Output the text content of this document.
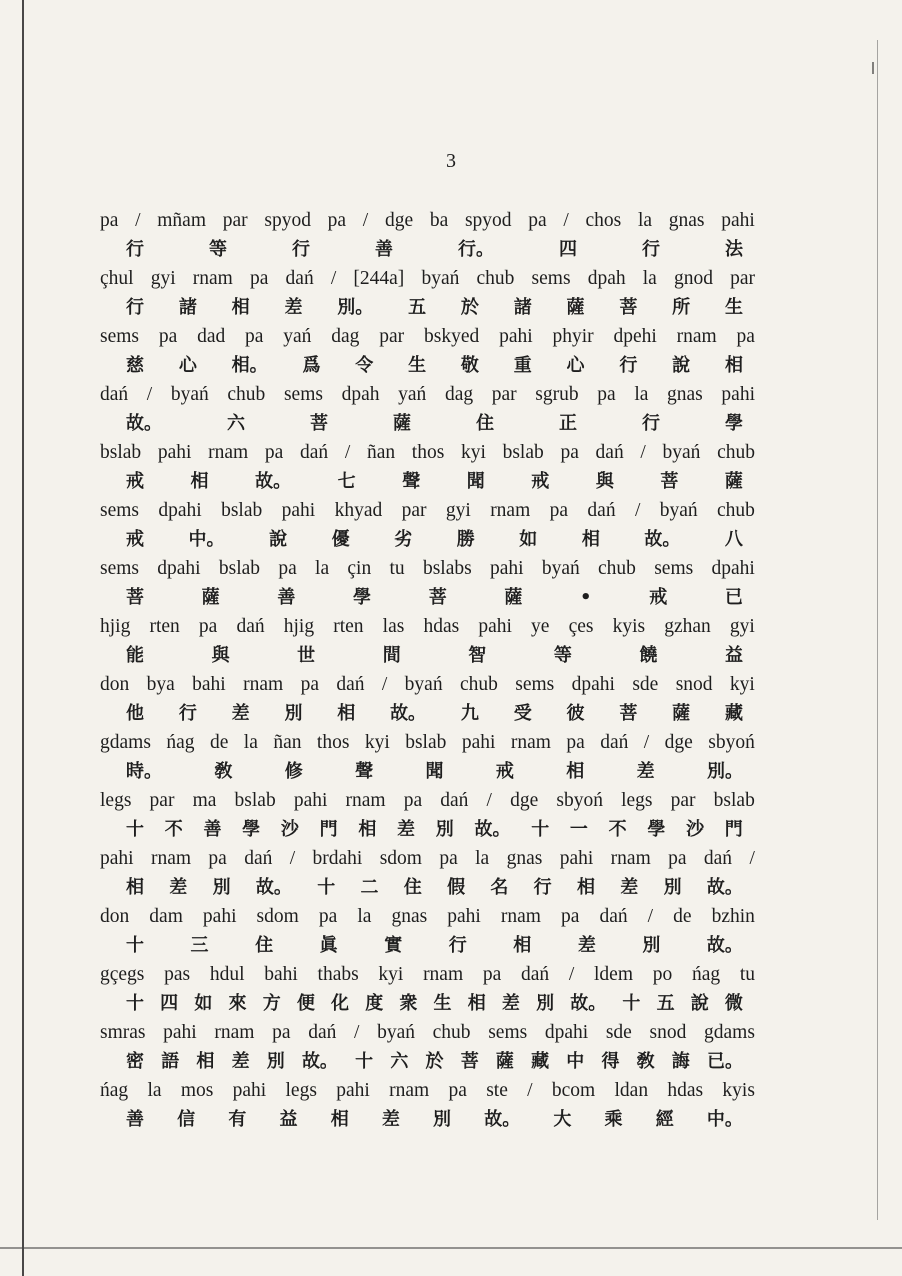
3
pa / mñam par spyod pa / dge ba spyod pa / chos la gnas pahi
行	等	行	善	行。	四	行	法
çhul gyi rnam pa dań / [244a] byań chub sems dpah la gnod par
行 諸 相 差 別。 五 於 諸 薩 菩 所 生
sems pa dad pa yań dag par bskyed pahi phyir dpehi rnam pa
慈 心 相。 爲 令 生 敬 重 心 行 說 相
dań / byań chub sems dpah yań dag par sgrub pa la gnas pahi
故。	六	菩	薩	住	正	行	學
bslab pahi rnam pa dań / ñan thos kyi bslab pa dań / byań chub
戒	相	故。	七	聲	聞	戒	與	菩	薩
sems dpahi bslab pahi khyad par gyi rnam pa dań / byań chub
戒 中。 說 優 劣 勝 如 相 故。 八
sems dpahi bslab pa la çin tu bslabs pahi byań chub sems dpahi
菩	薩	善	學	菩	薩	•	戒	已
hjig rten pa dań hjig rten las hdas pahi ye çes kyis gzhan gyi
能	與	世	間	智	等	饒	益
don bya bahi rnam pa dań / byań chub sems dpahi sde snod kyi
他 行 差 別 相 故。 九 受 彼 菩 薩 藏
gdams ńag de la ñan thos kyi bslab pahi rnam pa dań / dge sbyoń
時。	敎	修	聲	聞	戒	相	差	別。
legs par ma bslab pahi rnam pa dań / dge sbyoń legs par bslab
十 不 善 學 沙 門 相 差 別 故。 十 一 不 學 沙 門
pahi rnam pa dań / brdahi sdom pa la gnas pahi rnam pa dań /
相 差 別 故。 十 二 住 假 名 行 相 差 別 故。
don dam pahi sdom pa la gnas pahi rnam pa dań / de bzhin
十	三	住	眞	實	行	相	差	別	故。
gçegs pas hdul bahi thabs kyi rnam pa dań / ldem po ńag tu
十 四 如 來 方 便 化 度 衆 生 相 差 別 故。 十 五 說 微
smras pahi rnam pa dań / byań chub sems dpahi sde snod gdams
密 語 相 差 別 故。 十 六 於 菩 薩 藏 中 得 敎 誨 已。
ńag la mos pahi legs pahi rnam pa ste / bcom ldan hdas kyis
善 信 有 益 相 差 別 故。 大 乘 經 中。
